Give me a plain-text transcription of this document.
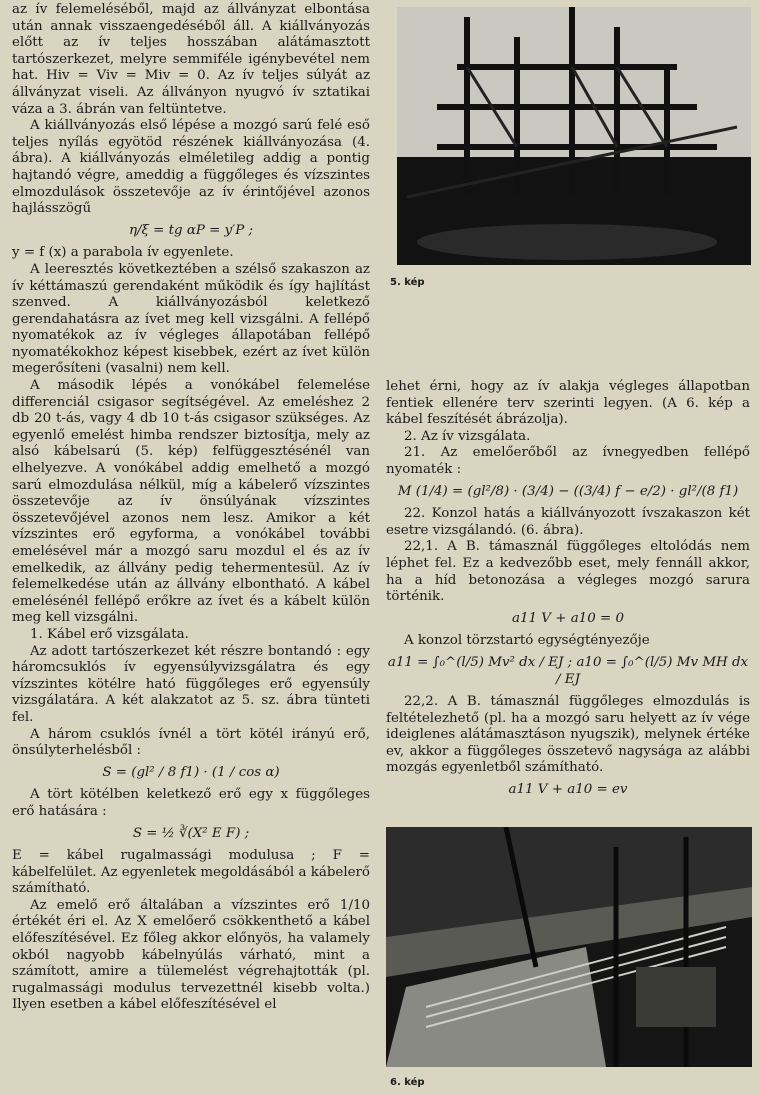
az ív felemeléséből, majd az állványzat elbontása után annak visszaengedéséből áll. A kiállványozás előtt az ív teljes hosszában alátámasztott tartószerkezet, melyre semmiféle igénybevétel nem hat. Hiv = Viv = Miv = 0. Az ív teljes súlyát az állványzat viseli. Az állványon nyugvó ív sztatikai váza a 3. ábrán van feltüntetve.

A kiállványozás első lépése a mozgó sarú felé eső teljes nyílás egyötöd részének kiállványozása (4. ábra). A kiállványozás elméletileg addig a pontig hajtandó végre, ameddig a függőleges és vízszintes elmozdulások összetevője az ív érintőjével azonos hajlásszögű

η/ξ = tg αP = y′P ;

y = f (x) a parabola ív egyenlete.

A leeresztés következtében a szélső szakaszon az ív kéttámaszú gerendaként működik és így hajlítást szenved. A kiállványozásból keletkező gerendahatásra az ívet meg kell vizsgálni. A fellépő nyomatékok az ív végleges állapotában fellépő nyomatékokhoz képest kisebbek, ezért az ívet külön megerősíteni (vasalni) nem kell.

A második lépés a vonókábel felemelése differenciál csigasor segítségével. Az emeléshez 2 db 20 t-ás, vagy 4 db 10 t-ás csigasor szükséges. Az egyenlő emelést himba rendszer biztosítja, mely az alsó kábelsarú (5. kép) felfüggesztésénél van elhelyezve. A vonókábel addig emelhető a mozgó sarú elmozdulása nélkül, míg a kábelerő vízszintes összetevője az ív önsúlyának vízszintes összetevőjével azonos nem lesz. Amikor a két vízszintes erő egyforma, a vonókábel további emelésével már a mozgó saru mozdul el és az ív emelkedik, az állvány pedig tehermentesül. Az ív felemelkedése után az állvány elbontható. A kábel emelésénél fellépő erőkre az ívet és a kábelt külön meg kell vizsgálni.

1. Kábel erő vizsgálata.

Az adott tartószerkezet két részre bontandó : egy háromcsuklós ív egyensúlyvizsgálatra és egy vízszintes kötélre ható függőleges erő egyensúly vizsgálatára. A két alakzatot az 5. sz. ábra tünteti fel.

A három csuklós ívnél a tört kötél irányú erő, önsúlyterhelésből :

S = (gl² / 8 f1) · (1 / cos α)

A tört kötélben keletkező erő egy x függőleges erő hatására :

S = ½ ∛(X² E F) ;

E = kábel rugalmassági modulusa ; F = kábelfelület. Az egyenletek megoldásából a kábelerő számítható.

Az emelő erő általában a vízszintes erő 1/10 értékét éri el. Az X emelőerő csökkenthető a kábel előfeszítésével. Ez főleg akkor előnyös, ha valamely okból nagyobb kábelnyúlás várható, mint a számított, amire a tülemelést végrehajtották (pl. rugalmassági modulus tervezettnél kisebb volta.) Ilyen esetben a kábel előfeszítésével el

5. kép

lehet érni, hogy az ív alakja végleges állapotban fentiek ellenére terv szerinti legyen. (A 6. kép a kábel feszítését ábrázolja).

2. Az ív vizsgálata.

21. Az emelőerőből az ívnegyedben fellépő nyomaték :

M (1/4) = (gl²/8) · (3/4) − ((3/4) f − e/2) · gl²/(8 f1)

22. Konzol hatás a kiállványozott ívszakaszon két esetre vizsgálandó. (6. ábra).

22,1. A B. támasznál függőleges eltolódás nem léphet fel. Ez a kedvezőbb eset, mely fennáll akkor, ha a híd betonozása a végleges mozgó sarura történik.

a11 V + a10 = 0

A konzol törzstartó egységtényezője

a11 = ∫₀^(l/5) Mv² dx / EJ ; a10 = ∫₀^(l/5) Mv MH dx / EJ

22,2. A B. támasznál függőleges elmozdulás is feltételezhető (pl. ha a mozgó saru helyett az ív vége ideiglenes alátámasztáson nyugszik), melynek értéke ev, akkor a függőleges összetevő nagysága az alábbi mozgás egyenletből számítható.

a11 V + a10 = ev

6. kép
